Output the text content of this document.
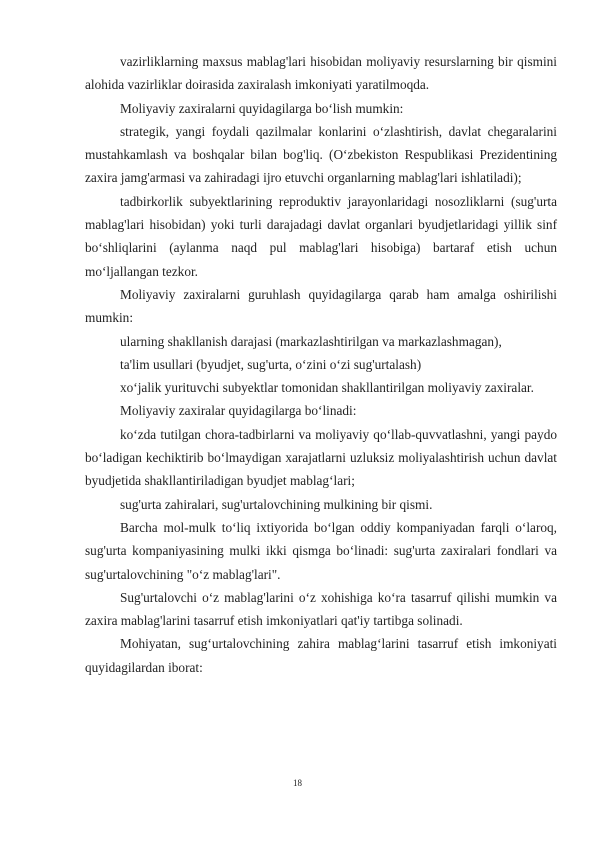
vazirliklarning maxsus mablag'lari hisobidan moliyaviy resurslarning bir qismini alohida vazirliklar doirasida zaxiralash imkoniyati yaratilmoqda.

Moliyaviy zaxiralarni quyidagilarga bo‘lish mumkin:

strategik, yangi foydali qazilmalar konlarini o‘zlashtirish, davlat chegaralarini mustahkamlash va boshqalar bilan bog'liq. (O‘zbekiston Respublikasi Prezidentining zaxira jamg'armasi va zahiradagi ijro etuvchi organlarning mablag'lari ishlatiladi);

tadbirkorlik subyektlarining reproduktiv jarayonlaridagi nosozliklarni (sug'urta mablag'lari hisobidan) yoki turli darajadagi davlat organlari byudjetlaridagi yillik sinf bo‘shliqlarini (aylanma naqd pul mablag'lari hisobiga) bartaraf etish uchun mo‘ljallangan tezkor.

Moliyaviy zaxiralarni guruhlash quyidagilarga qarab ham amalga oshirilishi mumkin:

ularning shakllanish darajasi (markazlashtirilgan va markazlashmagan),

ta'lim usullari (byudjet, sug'urta, o‘zini o‘zi sug'urtalash)

xo‘jalik yurituvchi subyektlar tomonidan shakllantirilgan moliyaviy zaxiralar.

Moliyaviy zaxiralar quyidagilarga bo‘linadi:

ko‘zda tutilgan chora-tadbirlarni va moliyaviy qo‘llab-quvvatlashni, yangi paydo bo‘ladigan kechiktirib bo‘lmaydigan xarajatlarni uzluksiz moliyalashtirish uchun davlat byudjetida shakllantiriladigan byudjet mablag‘lari;

sug'urta zahiralari, sug'urtalovchining mulkining bir qismi.

Barcha mol-mulk to‘liq ixtiyorida bo‘lgan oddiy kompaniyadan farqli o‘laroq, sug'urta kompaniyasining mulki ikki qismga bo‘linadi: sug'urta zaxiralari fondlari va sug'urtalovchining "o‘z mablag'lari".

Sug'urtalovchi o‘z mablag'larini o‘z xohishiga ko‘ra tasarruf qilishi mumkin va zaxira mablag'larini tasarruf etish imkoniyatlari qat'iy tartibga solinadi.

Mohiyatan, sug‘urtalovchining zahira mablag‘larini tasarruf etish imkoniyati quyidagilardan iborat:

18
